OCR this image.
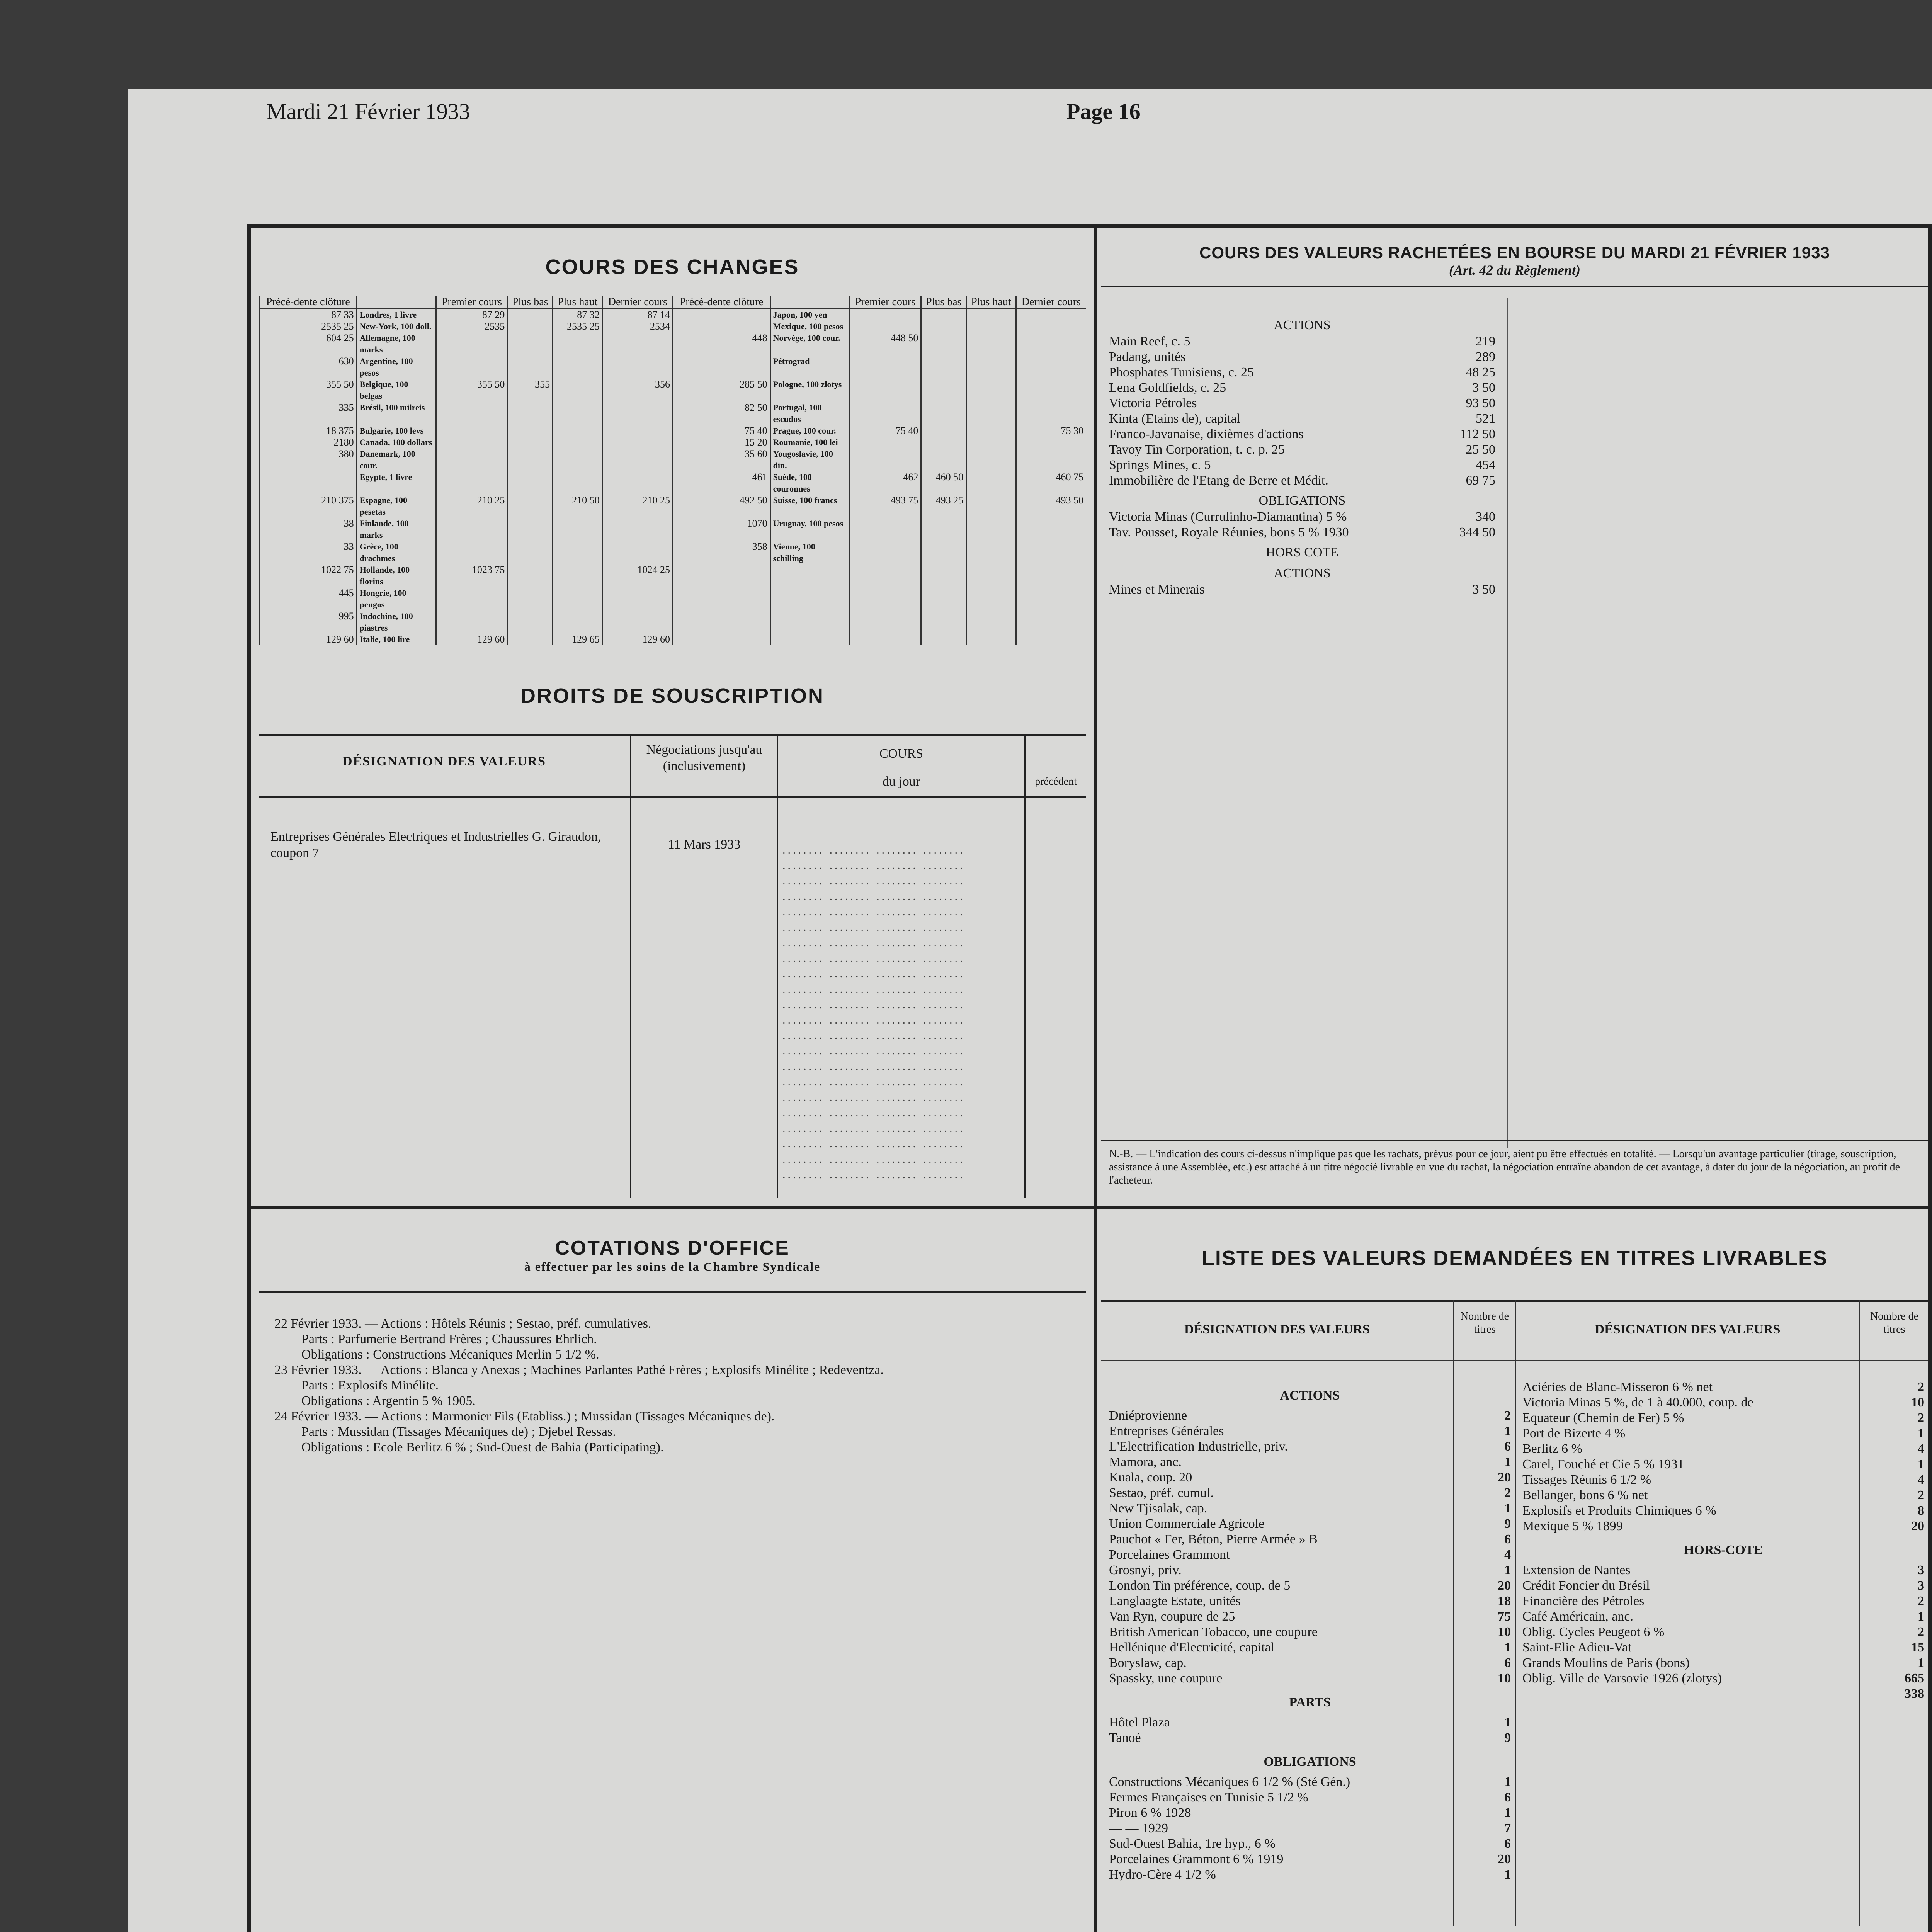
Mardi 21 Février 1933	Page 16
COURS DES CHANGES
Précé-dente clôture		Premier cours	Plus bas	Plus haut	Dernier cours	Précé-dente clôture		Premier cours	Plus bas	Plus haut	Dernier cours
87 33	Londres, 1 livre	87 29		87 32	87 14		Japon, 100 yen				
2535 25	New-York, 100 doll.	2535		2535 25	2534		Mexique, 100 pesos				
604 25	Allemagne, 100 marks					448	Norvège, 100 cour.	448 50			
630	Argentine, 100 pesos						Pétrograd				
355 50	Belgique, 100 belgas	355 50	355		356	285 50	Pologne, 100 zlotys				
335	Brésil, 100 milreis					82 50	Portugal, 100 escudos				
18 375	Bulgarie, 100 levs					75 40	Prague, 100 cour.	75 40			75 30
2180	Canada, 100 dollars					15 20	Roumanie, 100 lei				
380	Danemark, 100 cour.					35 60	Yougoslavie, 100 din.				
	Egypte, 1 livre					461	Suède, 100 couronnes	462	460 50		460 75
210 375	Espagne, 100 pesetas	210 25		210 50	210 25	492 50	Suisse, 100 francs	493 75	493 25		493 50
38	Finlande, 100 marks					1070	Uruguay, 100 pesos				
33	Grèce, 100 drachmes					358	Vienne, 100 schilling				
1022 75	Hollande, 100 florins	1023 75			1024 25						
445	Hongrie, 100 pengos										
995	Indochine, 100 piastres										
129 60	Italie, 100 lire	129 60		129 65	129 60						
DROITS DE SOUSCRIPTION
DÉSIGNATION DES VALEURS
Négociations jusqu'au (inclusivement)
COURS
du jour	précédent
Entreprises Générales Electriques et Industrielles G. Giraudon, coupon 7
11 Mars 1933	........ ........ ........ ........
........ ........ ........ ........
........ ........ ........ ........
........ ........ ........ ........
........ ........ ........ ........
........ ........ ........ ........
........ ........ ........ ........
........ ........ ........ ........
........ ........ ........ ........
........ ........ ........ ........
........ ........ ........ ........
........ ........ ........ ........
........ ........ ........ ........
........ ........ ........ ........
........ ........ ........ ........
........ ........ ........ ........
........ ........ ........ ........
........ ........ ........ ........
........ ........ ........ ........
........ ........ ........ ........
........ ........ ........ ........
........ ........ ........ ........
COURS DES VALEURS RACHETÉES EN BOURSE DU MARDI 21 FÉVRIER 1933
(Art. 42 du Règlement)
ACTIONS
Main Reef, c. 5	219
Padang, unités	289
Phosphates Tunisiens, c. 25	48 25
Lena Goldfields, c. 25	3 50
Victoria Pétroles	93 50
Kinta (Etains de), capital	521
Franco-Javanaise, dixièmes d'actions	112 50
Tavoy Tin Corporation, t. c. p. 25	25 50
Springs Mines, c. 5	454
Immobilière de l'Etang de Berre et Médit.	69 75
OBLIGATIONS
Victoria Minas (Currulinho-Diamantina) 5 %	340
Tav. Pousset, Royale Réunies, bons 5 % 1930	344 50
HORS COTE
ACTIONS
Mines et Minerais	3 50
N.-B. — L'indication des cours ci-dessus n'implique pas que les rachats, prévus pour ce jour, aient pu être effectués en totalité. — Lorsqu'un avantage particulier (tirage, souscription, assistance à une Assemblée, etc.) est attaché à un titre négocié livrable en vue du rachat, la négociation entraîne abandon de cet avantage, à dater du jour de la négociation, au profit de l'acheteur.
COTATIONS D'OFFICE
à effectuer par les soins de la Chambre Syndicale
22 Février 1933. — Actions : Hôtels Réunis ; Sestao, préf. cumulatives.
Parts : Parfumerie Bertrand Frères ; Chaussures Ehrlich.
Obligations : Constructions Mécaniques Merlin 5 1/2 %.
23 Février 1933. — Actions : Blanca y Anexas ; Machines Parlantes Pathé Frères ; Explosifs Minélite ; Redeventza.
Parts : Explosifs Minélite.
Obligations : Argentin 5 % 1905.
24 Février 1933. — Actions : Marmonier Fils (Etabliss.) ; Mussidan (Tissages Mécaniques de).
Parts : Mussidan (Tissages Mécaniques de) ; Djebel Ressas.
Obligations : Ecole Berlitz 6 % ; Sud-Ouest de Bahia (Participating).
LISTE DES VALEURS DEMANDÉES EN TITRES LIVRABLES
DÉSIGNATION DES VALEURS
Nombre de titres	DÉSIGNATION DES VALEURS
Nombre de titres
ACTIONS
Dniéprovienne	2
Entreprises Générales	1
L'Electrification Industrielle, priv.	6
Mamora, anc.	1
Kuala, coup. 20	20
Sestao, préf. cumul.	2
New Tjisalak, cap.	1
Union Commerciale Agricole	9
Pauchot « Fer, Béton, Pierre Armée » B	6
Porcelaines Grammont	4
Grosnyi, priv.	1
London Tin préférence, coup. de 5	20
Langlaagte Estate, unités	18
Van Ryn, coupure de 25	75
British American Tobacco, une coupure	10
Hellénique d'Electricité, capital	1
Boryslaw, cap.	6
Spassky, une coupure	10
PARTS
Hôtel Plaza	1
Tanoé	9
OBLIGATIONS
Constructions Mécaniques 6 1/2 % (Sté Gén.)	1
Fermes Françaises en Tunisie 5 1/2 %	6
Piron 6 % 1928	1
— — 1929	7
Sud-Ouest Bahia, 1re hyp., 6 %	6
Porcelaines Grammont 6 % 1919	20
Hydro-Cère 4 1/2 %	1
Aciéries de Blanc-Misseron 6 % net	2
Victoria Minas 5 %, de 1 à 40.000, coup. de	10
Equateur (Chemin de Fer) 5 %	2
Port de Bizerte 4 %	1
Berlitz 6 %	4
Carel, Fouché et Cie 5 % 1931	1
Tissages Réunis 6 1/2 %	4
Bellanger, bons 6 % net	2
Explosifs et Produits Chimiques 6 %	8
Mexique 5 % 1899	20
HORS-COTE
Extension de Nantes	3
Crédit Foncier du Brésil	3
Financière des Pétroles	2
Café Américain, anc.	1
Oblig. Cycles Peugeot 6 %	2
Saint-Elie Adieu-Vat	15
Grands Moulins de Paris (bons)	1
Oblig. Ville de Varsovie 1926 (zlotys)	665
338
